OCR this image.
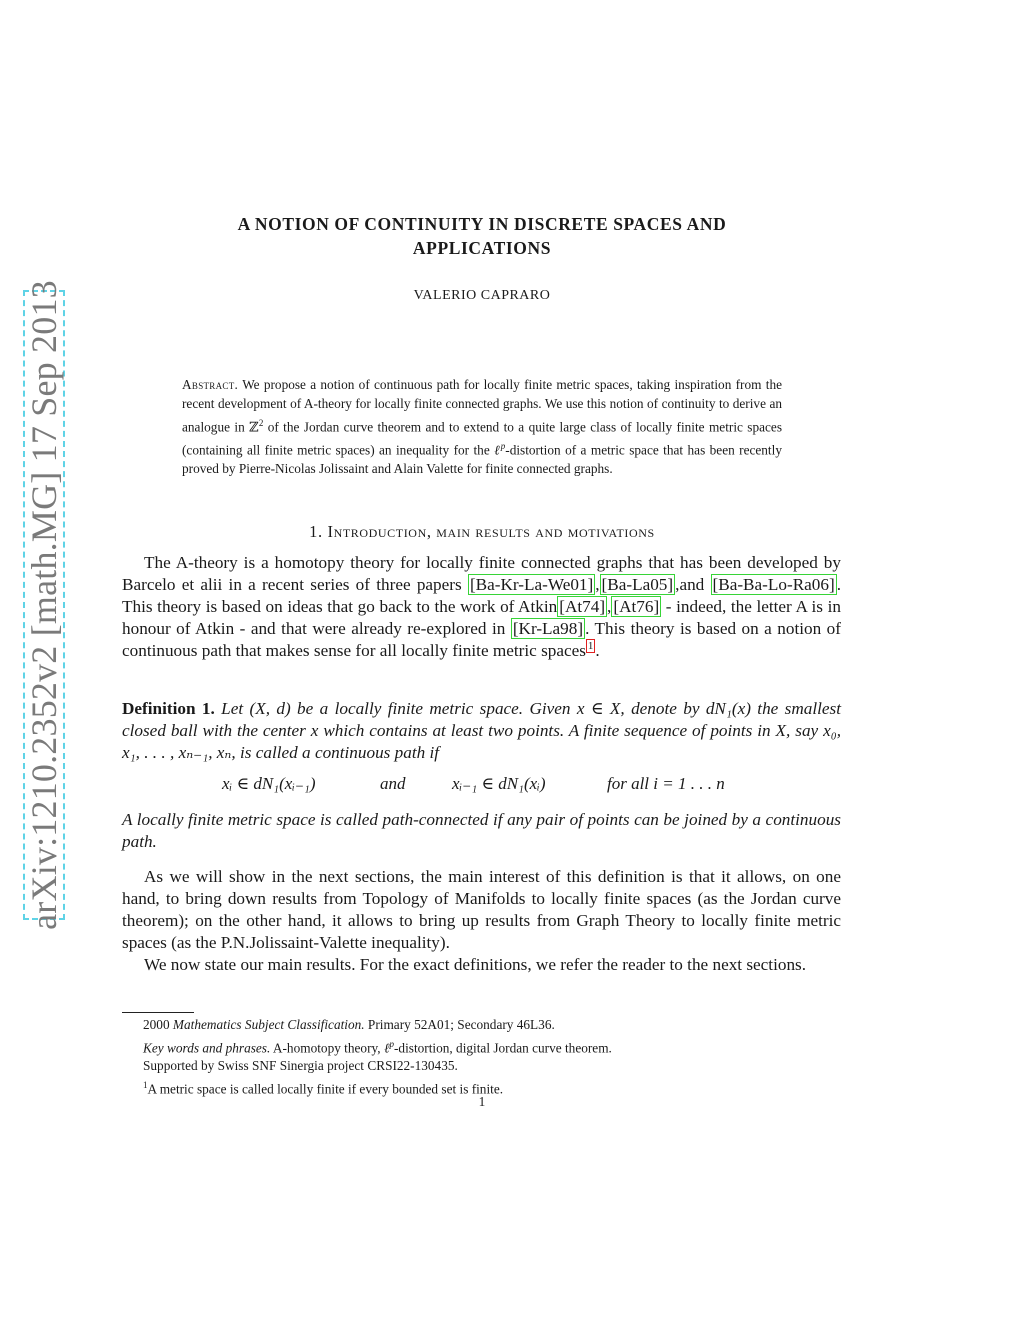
arXiv:1210.2352v2 [math.MG] 17 Sep 2013
A NOTION OF CONTINUITY IN DISCRETE SPACES AND
APPLICATIONS
VALERIO CAPRARO
Abstract. We propose a notion of continuous path for locally finite metric spaces, taking inspiration from the recent development of A-theory for locally finite connected graphs. We use this notion of continuity to derive an analogue in ℤ$^2$ of the Jordan curve theorem and to extend to a quite large class of locally finite metric spaces (containing all finite metric spaces) an inequality for the ℓ$^p$-distortion of a metric space that has been recently proved by Pierre-Nicolas Jolissaint and Alain Valette for finite connected graphs.
1. Introduction, main results and motivations

The A-theory is a homotopy theory for locally finite connected graphs that has been developed by Barcelo et alii in a recent series of three papers [Ba-Kr-La-We01] , [Ba-La05] ,and [Ba-Ba-Lo-Ra06] . This theory is based on ideas that go back to the work of Atkin [At74] , [At76] - indeed, the letter A is in honour of Atkin - and that were already re-explored in [Kr-La98] . This theory is based on a notion of continuous path that makes sense for all locally finite metric spaces $^1$ .

Definition 1. Let (X, d) be a locally finite metric space. Given x ∈ X, denote by dN₁(x) the smallest closed ball with the center x which contains at least two points. A finite sequence of points in X, say x₀, x₁, . . . , xₙ₋₁, xₙ, is called a continuous path if
xᵢ ∈ dN₁(xᵢ₋₁)	and	xᵢ₋₁ ∈ dN₁(xᵢ)	for all i = 1 . . . n
A locally finite metric space is called path-connected if any pair of points can be joined by a continuous path.

As we will show in the next sections, the main interest of this definition is that it allows, on one hand, to bring down results from Topology of Manifolds to locally finite spaces (as the Jordan curve theorem); on the other hand, it allows to bring up results from Graph Theory to locally finite metric spaces (as the P.N.Jolissaint-Valette inequality).

We now state our main results. For the exact definitions, we refer the reader to the next sections.

2000 Mathematics Subject Classification. Primary 52A01; Secondary 46L36.
Key words and phrases. A-homotopy theory, ℓ$^p$-distortion, digital Jordan curve theorem.
Supported by Swiss SNF Sinergia project CRSI22-130435.
$^1$A metric space is called locally finite if every bounded set is finite.
1
